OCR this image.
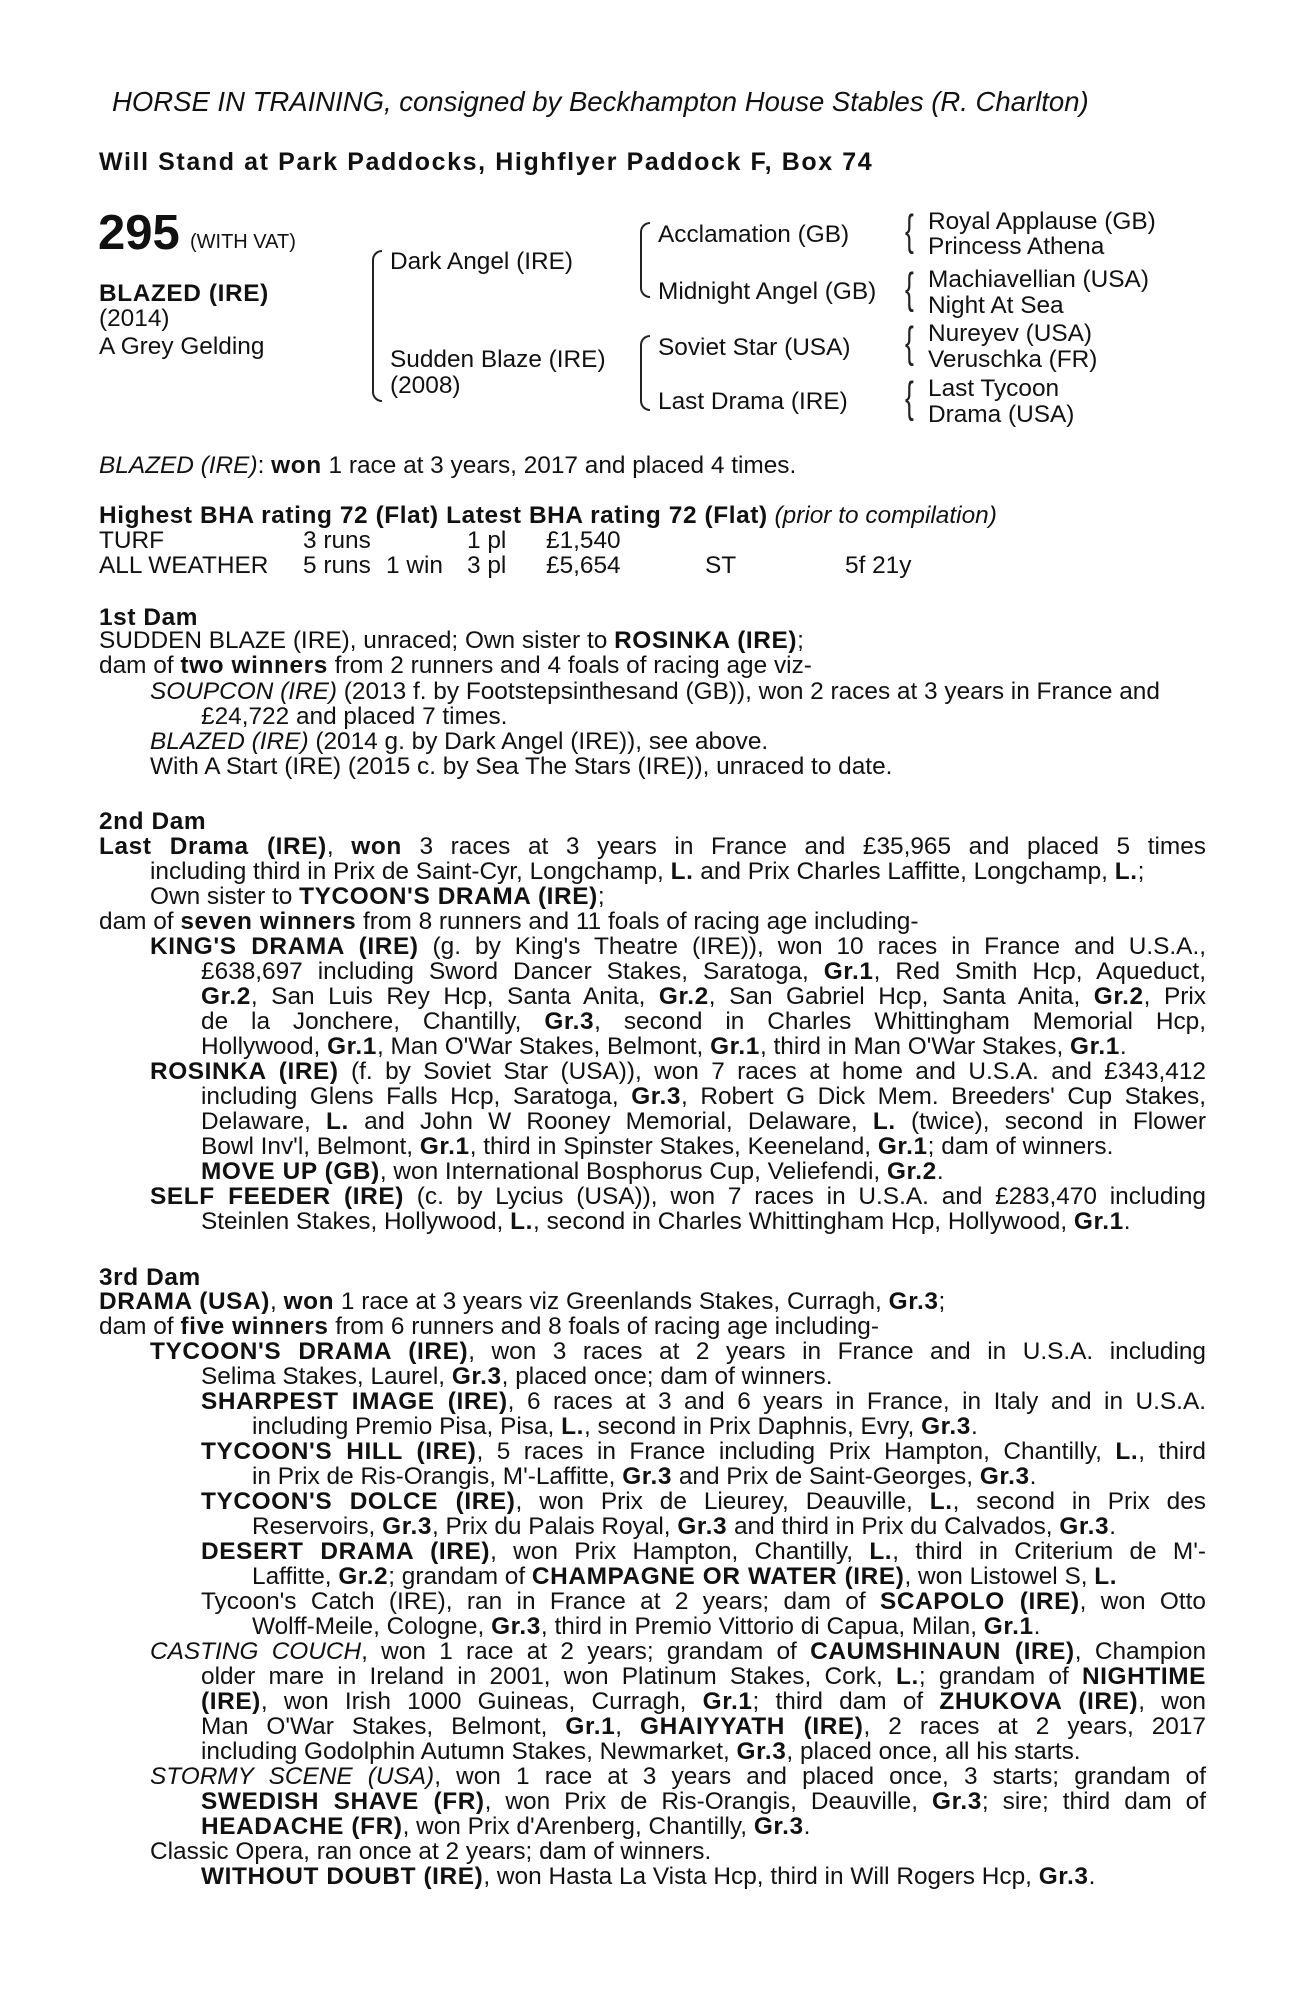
HORSE IN TRAINING, consigned by Beckhampton House Stables (R. Charlton)
Will Stand at Park Paddocks, Highflyer Paddock F, Box 74
295 (WITH VAT)
BLAZED (IRE)
(2014)
A Grey Gelding
Dark Angel (IRE)
Sudden Blaze (IRE)
(2008)
Acclamation (GB)
Midnight Angel (GB)
Soviet Star (USA)
Last Drama (IRE)
{ Royal Applause (GB)
Princess Athena
{ Machiavellian (USA)
Night At Sea
{ Nureyev (USA)
Veruschka (FR)
{ Last Tycoon
Drama (USA)
BLAZED (IRE): won 1 race at 3 years, 2017 and placed 4 times.
Highest BHA rating 72 (Flat) Latest BHA rating 72 (Flat) (prior to compilation)
TURF	3 runs	1 pl £1,540
ALL WEATHER 5 runs 1 win 3 pl £5,654	ST	5f 21y
1st Dam
SUDDEN BLAZE (IRE), unraced; Own sister to ROSINKA (IRE);
dam of two winners from 2 runners and 4 foals of racing age viz-
SOUPCON (IRE) (2013 f. by Footstepsinthesand (GB)), won 2 races at 3 years in France and
£24,722 and placed 7 times.
BLAZED (IRE) (2014 g. by Dark Angel (IRE)), see above.
With A Start (IRE) (2015 c. by Sea The Stars (IRE)), unraced to date.
2nd Dam
Last Drama (IRE), won 3 races at 3 years in France and £35,965 and placed 5 times
including third in Prix de Saint-Cyr, Longchamp, L. and Prix Charles Laffitte, Longchamp, L.;
Own sister to TYCOON'S DRAMA (IRE);
dam of seven winners from 8 runners and 11 foals of racing age including-
KING'S DRAMA (IRE) (g. by King's Theatre (IRE)), won 10 races in France and U.S.A.,
£638,697 including Sword Dancer Stakes, Saratoga, Gr.1, Red Smith Hcp, Aqueduct,
Gr.2, San Luis Rey Hcp, Santa Anita, Gr.2, San Gabriel Hcp, Santa Anita, Gr.2, Prix
de la Jonchere, Chantilly, Gr.3, second in Charles Whittingham Memorial Hcp,
Hollywood, Gr.1, Man O'War Stakes, Belmont, Gr.1, third in Man O'War Stakes, Gr.1.
ROSINKA (IRE) (f. by Soviet Star (USA)), won 7 races at home and U.S.A. and £343,412
including Glens Falls Hcp, Saratoga, Gr.3, Robert G Dick Mem. Breeders' Cup Stakes,
Delaware, L. and John W Rooney Memorial, Delaware, L. (twice), second in Flower
Bowl Inv'l, Belmont, Gr.1, third in Spinster Stakes, Keeneland, Gr.1; dam of winners.
MOVE UP (GB), won International Bosphorus Cup, Veliefendi, Gr.2.
SELF FEEDER (IRE) (c. by Lycius (USA)), won 7 races in U.S.A. and £283,470 including
Steinlen Stakes, Hollywood, L., second in Charles Whittingham Hcp, Hollywood, Gr.1.
3rd Dam
DRAMA (USA), won 1 race at 3 years viz Greenlands Stakes, Curragh, Gr.3;
dam of five winners from 6 runners and 8 foals of racing age including-
TYCOON'S DRAMA (IRE), won 3 races at 2 years in France and in U.S.A. including
Selima Stakes, Laurel, Gr.3, placed once; dam of winners.
SHARPEST IMAGE (IRE), 6 races at 3 and 6 years in France, in Italy and in U.S.A.
including Premio Pisa, Pisa, L., second in Prix Daphnis, Evry, Gr.3.
TYCOON'S HILL (IRE), 5 races in France including Prix Hampton, Chantilly, L., third
in Prix de Ris-Orangis, M'-Laffitte, Gr.3 and Prix de Saint-Georges, Gr.3.
TYCOON'S DOLCE (IRE), won Prix de Lieurey, Deauville, L., second in Prix des
Reservoirs, Gr.3, Prix du Palais Royal, Gr.3 and third in Prix du Calvados, Gr.3.
DESERT DRAMA (IRE), won Prix Hampton, Chantilly, L., third in Criterium de M'-
Laffitte, Gr.2; grandam of CHAMPAGNE OR WATER (IRE), won Listowel S, L.
Tycoon's Catch (IRE), ran in France at 2 years; dam of SCAPOLO (IRE), won Otto
Wolff-Meile, Cologne, Gr.3, third in Premio Vittorio di Capua, Milan, Gr.1.
CASTING COUCH, won 1 race at 2 years; grandam of CAUMSHINAUN (IRE), Champion
older mare in Ireland in 2001, won Platinum Stakes, Cork, L.; grandam of NIGHTIME
(IRE), won Irish 1000 Guineas, Curragh, Gr.1; third dam of ZHUKOVA (IRE), won
Man O'War Stakes, Belmont, Gr.1, GHAIYYATH (IRE), 2 races at 2 years, 2017
including Godolphin Autumn Stakes, Newmarket, Gr.3, placed once, all his starts.
STORMY SCENE (USA), won 1 race at 3 years and placed once, 3 starts; grandam of
SWEDISH SHAVE (FR), won Prix de Ris-Orangis, Deauville, Gr.3; sire; third dam of
HEADACHE (FR), won Prix d'Arenberg, Chantilly, Gr.3.
Classic Opera, ran once at 2 years; dam of winners.
WITHOUT DOUBT (IRE), won Hasta La Vista Hcp, third in Will Rogers Hcp, Gr.3.
